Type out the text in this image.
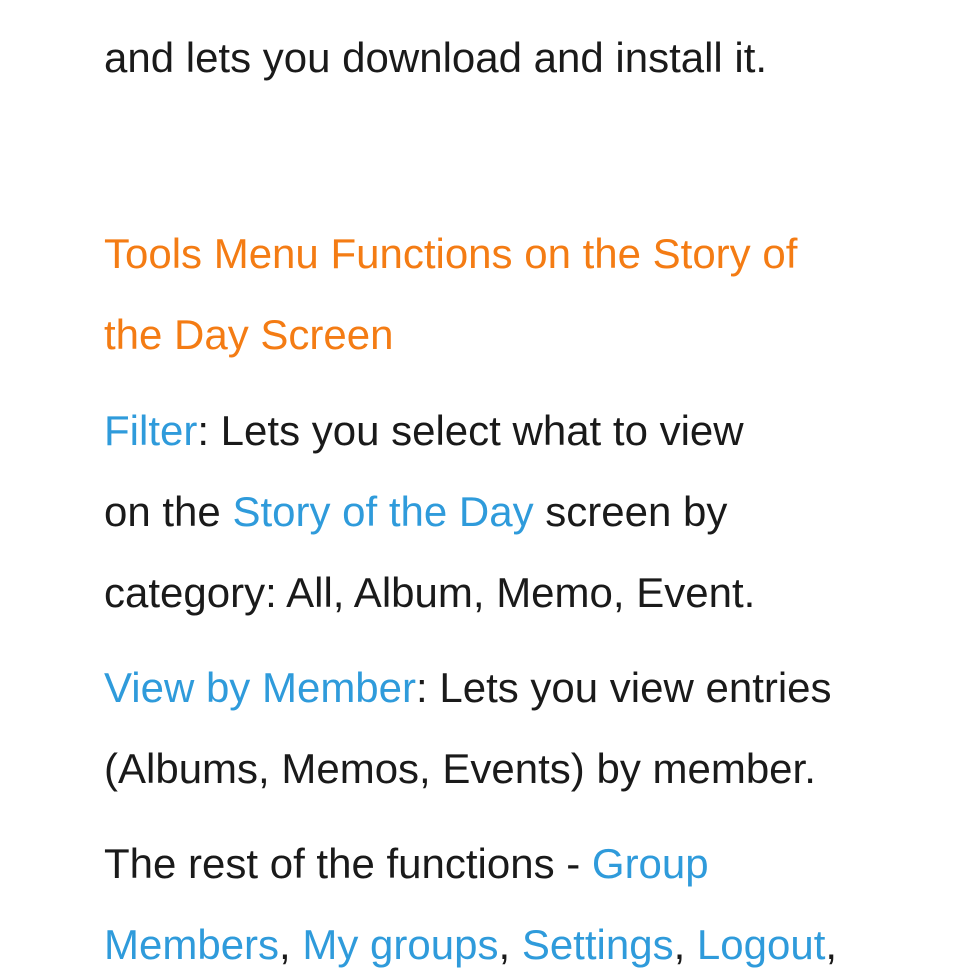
and lets you download and install it.
Tools Menu Functions on the Story of
the Day Screen
Filter: Lets you select what to view
on the Story of the Day screen by
category: All, Album, Memo, Event.
View by Member: Lets you view entries
(Albums, Memos, Events) by member.
The rest of the functions - Group
Members, My groups, Settings, Logout,
